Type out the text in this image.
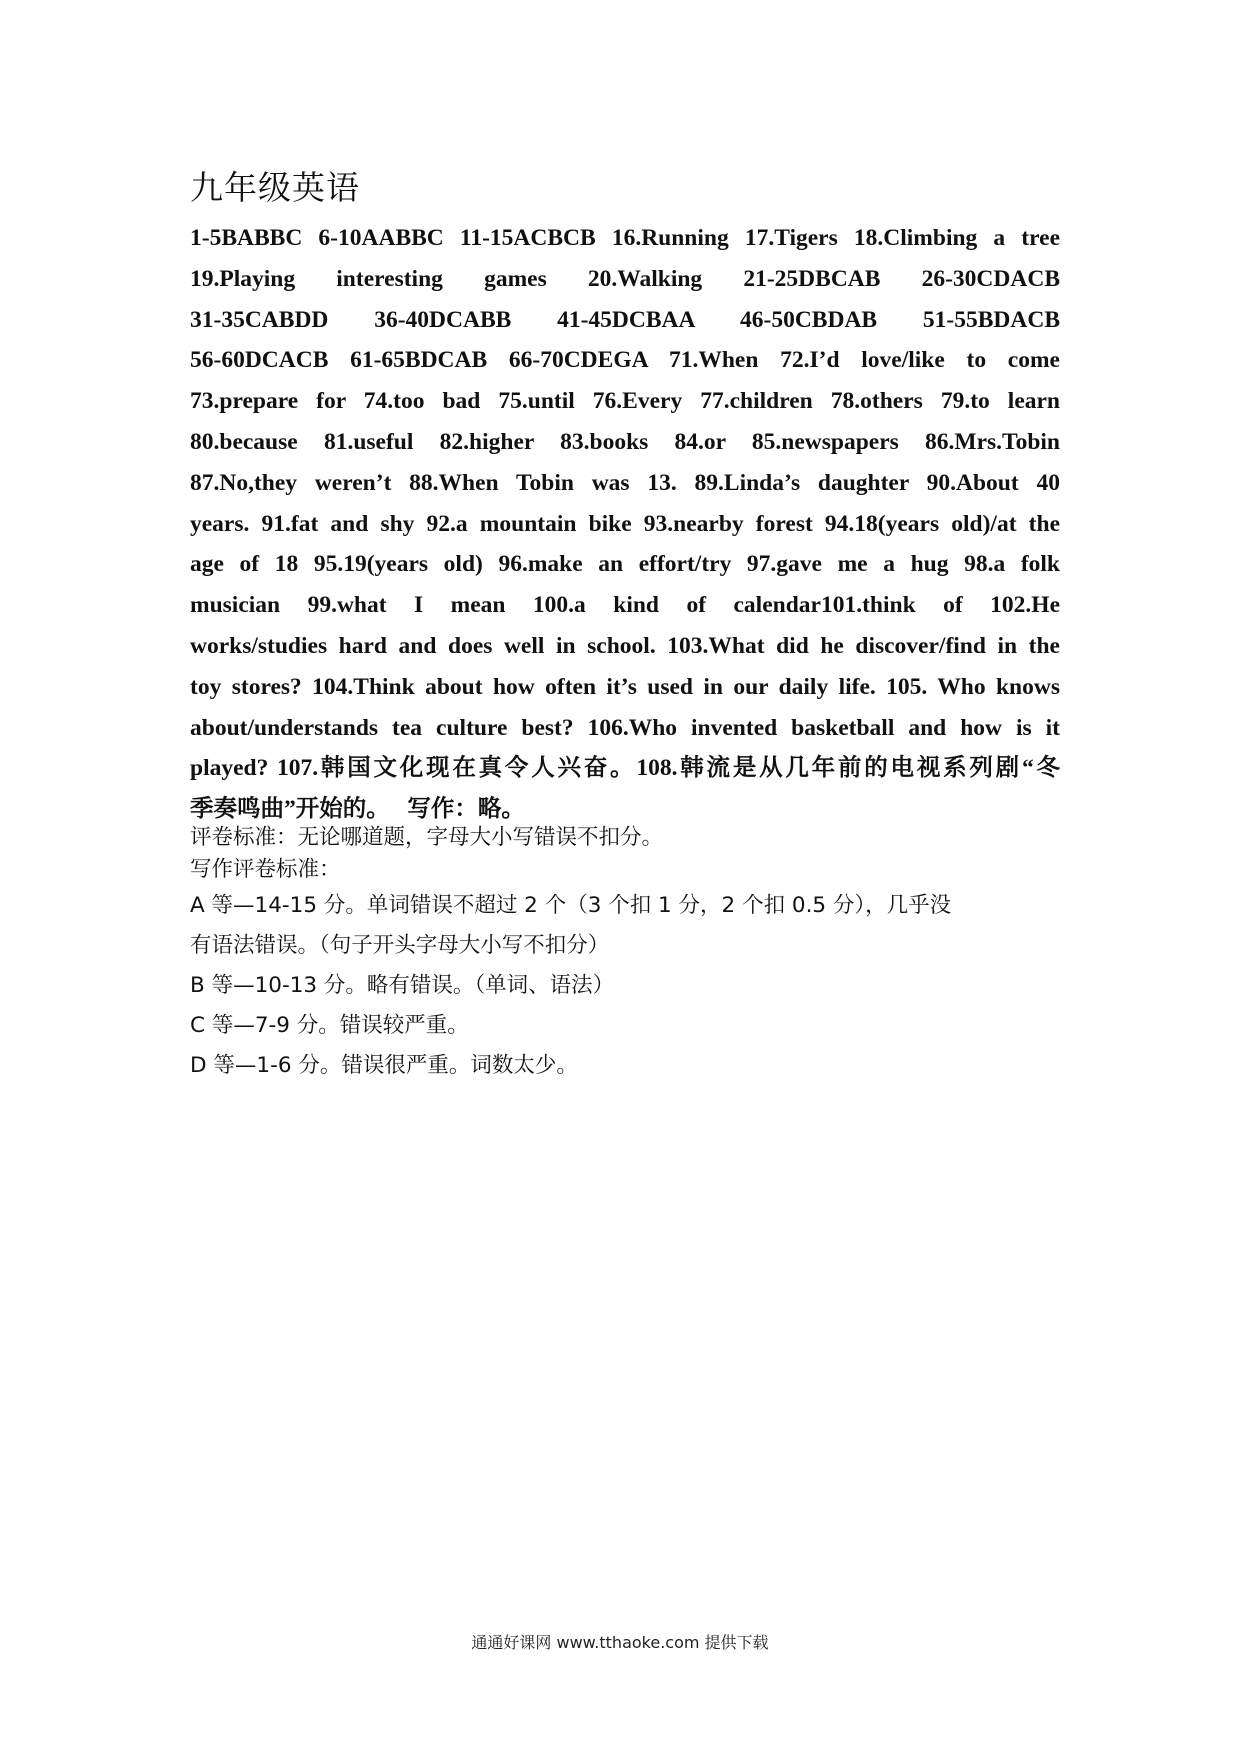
九年级英语
1-5BABBC 6-10AABBC 11-15ACBCB 16.Running 17.Tigers 18.Climbing a tree
19.Playing interesting games 20.Walking 21-25DBCAB 26-30CDACB
31-35CABDD 36-40DCABB 41-45DCBAA 46-50CBDAB 51-55BDACB
56-60DCACB 61-65BDCAB 66-70CDEGA 71.When 72.I’d love/like to come
73.prepare for 74.too bad 75.until 76.Every 77.children 78.others 79.to learn
80.because 81.useful 82.higher 83.books 84.or 85.newspapers 86.Mrs.Tobin
87.No,they weren’t 88.When Tobin was 13. 89.Linda’s daughter 90.About 40
years. 91.fat and shy 92.a mountain bike 93.nearby forest 94.18(years old)/at the
age of 18 95.19(years old) 96.make an effort/try 97.gave me a hug 98.a folk
musician 99.what I mean 100.a kind of calendar101.think of 102.He
works/studies hard and does well in school. 103.What did he discover/find in the
toy stores? 104.Think about how often it’s used in our daily life. 105. Who knows
about/understands tea culture best? 106.Who invented basketball and how is it
played? 107.韩国文化现在真令人兴奋。108.韩流是从几年前的电视系列剧“冬
季奏鸣曲”开始的。　 写作：略。
评卷标准：无论哪道题，字母大小写错误不扣分。
写作评卷标准：
A 等—14-15 分。单词错误不超过 2 个（3 个扣 1 分，2 个扣 0.5 分），几乎没
有语法错误。（句子开头字母大小写不扣分）
B 等—10-13 分。略有错误。（单词、语法）
C 等—7-9 分。错误较严重。
D 等—1-6 分。错误很严重。词数太少。
通通好课网 www.tthaoke.com 提供下载
